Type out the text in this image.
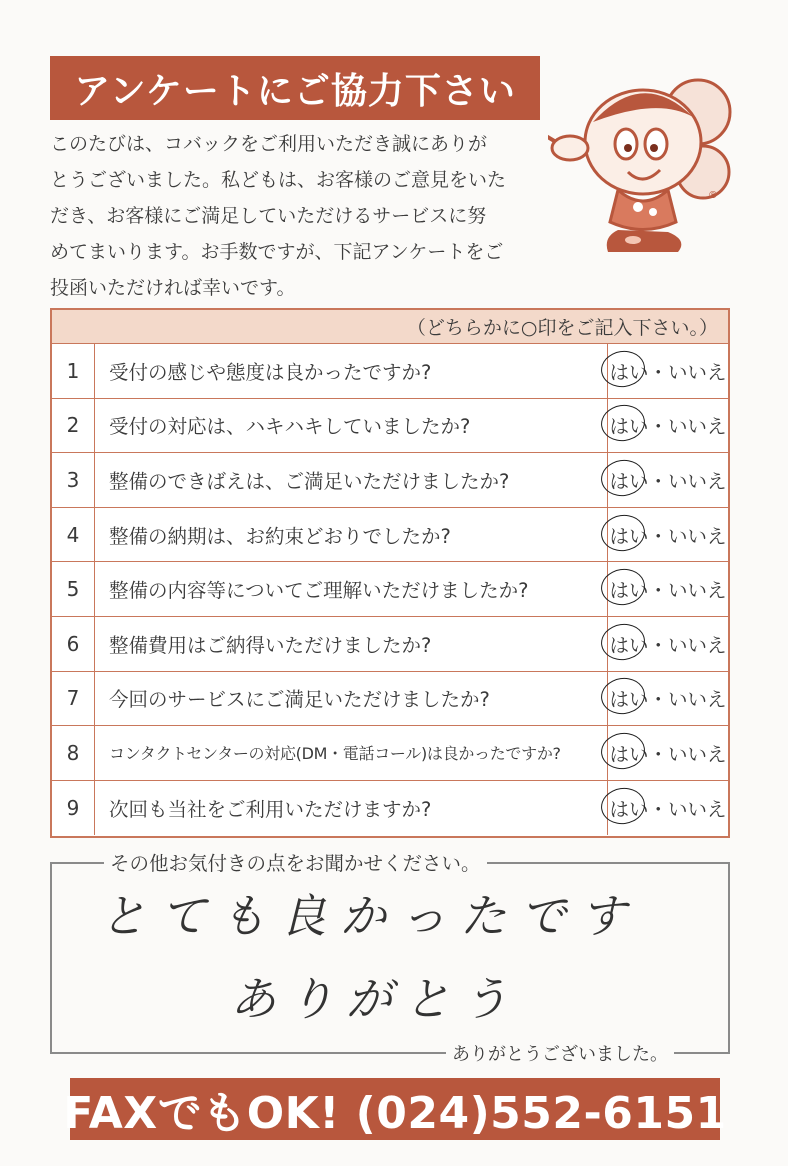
アンケートにご協力下さい
このたびは、コバックをご利用いただき誠にありが
とうございました。私どもは、お客様のご意見をいた
だき、お客様にご満足していただけるサービスに努
めてまいります。お手数ですが、下記アンケートをご
投函いただければ幸いです。
®
（どちらかに○印をご記入下さい。）
1	受付の感じや態度は良かったですか?	はい ・ いいえ
2	受付の対応は、ハキハキしていましたか?	はい ・ いいえ
3	整備のできばえは、ご満足いただけましたか?	はい ・ いいえ
4	整備の納期は、お約束どおりでしたか?	はい ・ いいえ
5	整備の内容等についてご理解いただけましたか?	はい ・ いいえ
6	整備費用はご納得いただけましたか?	はい ・ いいえ
7	今回のサービスにご満足いただけましたか?	はい ・ いいえ
8	コンタクトセンターの対応(DM・電話コール)は良かったですか?	はい ・ いいえ
9	次回も当社をご利用いただけますか?	はい ・ いいえ
その他お気付きの点をお聞かせください。
とても良かったです
ありがとう
ありがとうございました。
FAXでもOK! (024)552-6151
